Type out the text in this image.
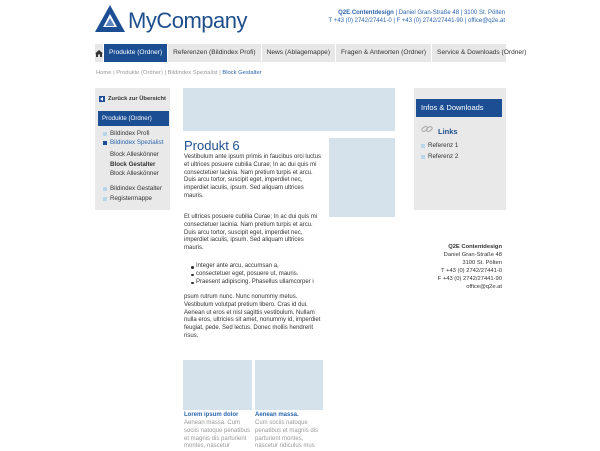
MyCompany	Q2E Contentdesign | Daniel Gran-Straße 48 | 3100 St. Pölten
T +43 (0) 2742/27441-0 | F +43 (0) 2742/27441-90 | office@q2e.at
Produkte (Ordner)	Referenzen (Bildindex Profi)	News (Ablagemappe)	Fragen & Antworten (Ordner)	Service & Downloads (Ordner)
Home | Produkte (Ordner) | Bildindex Spezialist | Block Gestalter
Zurück zur Übersicht
Produkte (Ordner)
Bildindex Profi
Bildindex Spezialist
Block Alleskönner
Block Gestalter
Block Alleskönner
Bildindex Gestalter
Registermappe
Produkt 6
Vestibulum ante ipsum primis in faucibus orci luctus et ultrices posuere cubilia Curae; In ac dui quis mi consectetuer lacinia. Nam pretium turpis et arcu. Duis arcu tortor, suscipit eget, imperdiet nec, imperdiet iaculis, ipsum. Sed aliquam ultrices mauris.
Et ultrices posuere cubilia Curae; In ac dui quis mi consectetuer lacinia. Nam pretium turpis et arcu. Duis arcu tortor, suscipit eget, imperdiet nec, imperdiet iaculis, ipsum. Sed aliquam ultrices mauris.
Integer ante arcu, accumsan a,
consectetuer eget, posuere ut, mauris.
Praesent adipiscing. Phasellus ullamcorper i
psum rutrum nunc. Nunc nonummy metus. Vestibulum volutpat pretium libero. Cras id dui. Aenean ut eros et nisl sagittis vestibulum. Nullam nulla eros, ultricies sit amet, nonummy id, imperdiet feugiat, pede. Sed lectus. Donec mollis hendrerit risus.
Lorem ipsum dolor
Aenean massa. Cum sociis natoque penatibus et magnis dis parturient montes, nascetur
Aenean massa.
Cum sociis natoque penatibus et magnis dis parturient montes, nascetur ridiculus mus
Infos & Downloads
Links
Referenz 1
Referenz 2
Q2E Contentdesign
Daniel Gran-Straße 48
3100 St. Pölten
T +43 (0) 2742/27441-0
F +43 (0) 2742/27441-90
office@q2e.at
